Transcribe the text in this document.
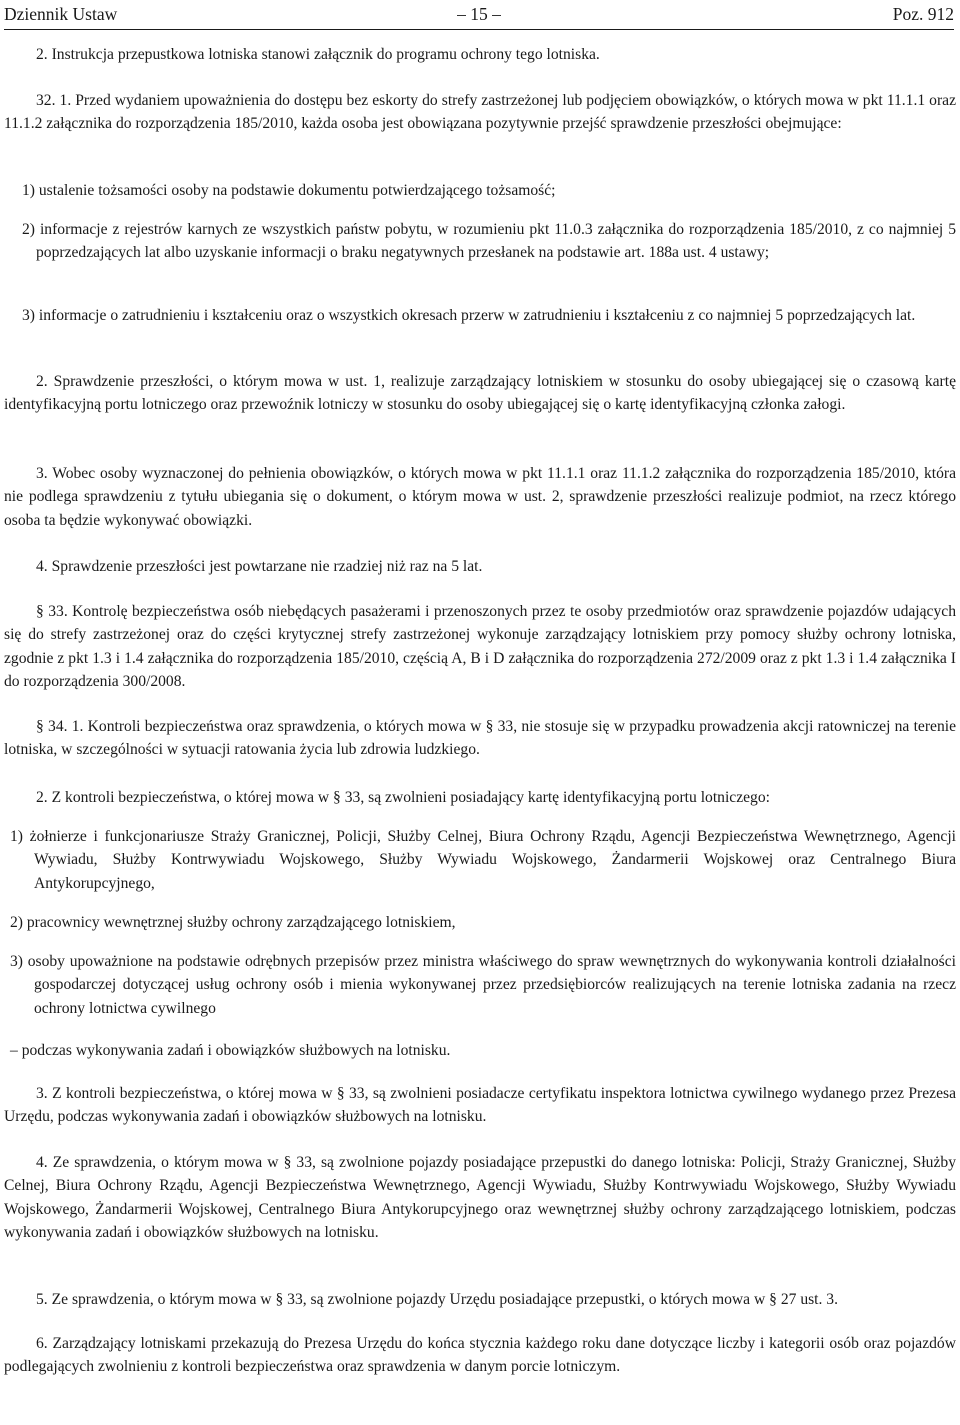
Dziennik Ustaw	– 15 –	Poz. 912

2. Instrukcja przepustkowa lotniska stanowi załącznik do programu ochrony tego lotniska.

32. 1. Przed wydaniem upoważnienia do dostępu bez eskorty do strefy zastrzeżonej lub podjęciem obowiązków, o których mowa w pkt 11.1.1 oraz 11.1.2 załącznika do rozporządzenia 185/2010, każda osoba jest obowiązana pozytywnie przejść sprawdzenie przeszłości obejmujące:

1) ustalenie tożsamości osoby na podstawie dokumentu potwierdzającego tożsamość;

2) informacje z rejestrów karnych ze wszystkich państw pobytu, w rozumieniu pkt 11.0.3 załącznika do rozporządzenia 185/2010, z co najmniej 5 poprzedzających lat albo uzyskanie informacji o braku negatywnych przesłanek na podstawie art. 188a ust. 4 ustawy;

3) informacje o zatrudnieniu i kształceniu oraz o wszystkich okresach przerw w zatrudnieniu i kształceniu z co najmniej 5 poprzedzających lat.

2. Sprawdzenie przeszłości, o którym mowa w ust. 1, realizuje zarządzający lotniskiem w stosunku do osoby ubiegającej się o czasową kartę identyfikacyjną portu lotniczego oraz przewoźnik lotniczy w stosunku do osoby ubiegającej się o kartę identyfikacyjną członka załogi.

3. Wobec osoby wyznaczonej do pełnienia obowiązków, o których mowa w pkt 11.1.1 oraz 11.1.2 załącznika do rozporządzenia 185/2010, która nie podlega sprawdzeniu z tytułu ubiegania się o dokument, o którym mowa w ust. 2, sprawdzenie przeszłości realizuje podmiot, na rzecz którego osoba ta będzie wykonywać obowiązki.

4. Sprawdzenie przeszłości jest powtarzane nie rzadziej niż raz na 5 lat.

§ 33. Kontrolę bezpieczeństwa osób niebędących pasażerami i przenoszonych przez te osoby przedmiotów oraz sprawdzenie pojazdów udających się do strefy zastrzeżonej oraz do części krytycznej strefy zastrzeżonej wykonuje zarządzający lotniskiem przy pomocy służby ochrony lotniska, zgodnie z pkt 1.3 i 1.4 załącznika do rozporządzenia 185/2010, częścią A, B i D załącznika do rozporządzenia 272/2009 oraz z pkt 1.3 i 1.4 załącznika I do rozporządzenia 300/2008.

§ 34. 1. Kontroli bezpieczeństwa oraz sprawdzenia, o których mowa w § 33, nie stosuje się w przypadku prowadzenia akcji ratowniczej na terenie lotniska, w szczególności w sytuacji ratowania życia lub zdrowia ludzkiego.

2. Z kontroli bezpieczeństwa, o której mowa w § 33, są zwolnieni posiadający kartę identyfikacyjną portu lotniczego:

1) żołnierze i funkcjonariusze Straży Granicznej, Policji, Służby Celnej, Biura Ochrony Rządu, Agencji Bezpieczeństwa Wewnętrznego, Agencji Wywiadu, Służby Kontrwywiadu Wojskowego, Służby Wywiadu Wojskowego, Żandarmerii Wojskowej oraz Centralnego Biura Antykorupcyjnego,

2) pracownicy wewnętrznej służby ochrony zarządzającego lotniskiem,

3) osoby upoważnione na podstawie odrębnych przepisów przez ministra właściwego do spraw wewnętrznych do wykonywania kontroli działalności gospodarczej dotyczącej usług ochrony osób i mienia wykonywanej przez przedsiębiorców realizujących na terenie lotniska zadania na rzecz ochrony lotnictwa cywilnego

– podczas wykonywania zadań i obowiązków służbowych na lotnisku.

3. Z kontroli bezpieczeństwa, o której mowa w § 33, są zwolnieni posiadacze certyfikatu inspektora lotnictwa cywilnego wydanego przez Prezesa Urzędu, podczas wykonywania zadań i obowiązków służbowych na lotnisku.

4. Ze sprawdzenia, o którym mowa w § 33, są zwolnione pojazdy posiadające przepustki do danego lotniska: Policji, Straży Granicznej, Służby Celnej, Biura Ochrony Rządu, Agencji Bezpieczeństwa Wewnętrznego, Agencji Wywiadu, Służby Kontrwywiadu Wojskowego, Służby Wywiadu Wojskowego, Żandarmerii Wojskowej, Centralnego Biura Antykorupcyjnego oraz wewnętrznej służby ochrony zarządzającego lotniskiem, podczas wykonywania zadań i obowiązków służbowych na lotnisku.

5. Ze sprawdzenia, o którym mowa w § 33, są zwolnione pojazdy Urzędu posiadające przepustki, o których mowa w § 27 ust. 3.

6. Zarządzający lotniskami przekazują do Prezesa Urzędu do końca stycznia każdego roku dane dotyczące liczby i kategorii osób oraz pojazdów podlegających zwolnieniu z kontroli bezpieczeństwa oraz sprawdzenia w danym porcie lotniczym.
